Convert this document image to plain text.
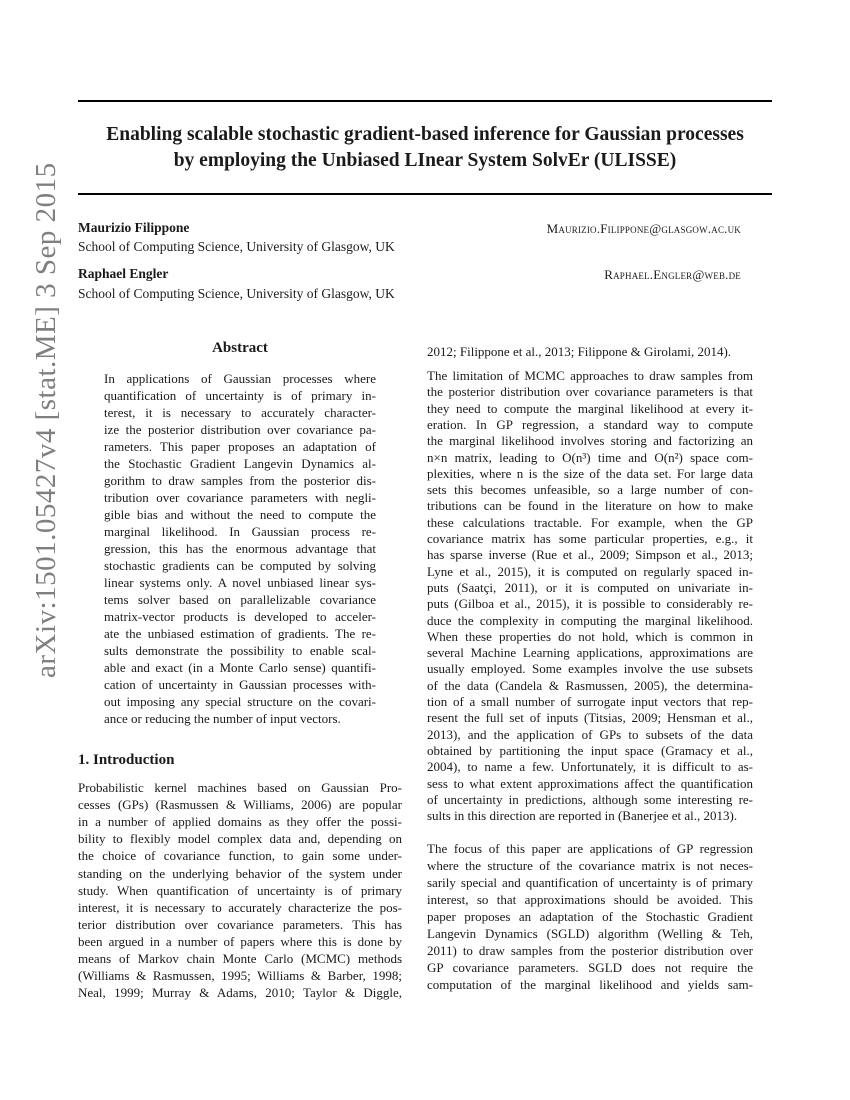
arXiv:1501.05427v4 [stat.ME] 3 Sep 2015
Enabling scalable stochastic gradient-based inference for Gaussian processes
by employing the Unbiased LInear System SolvEr (ULISSE)
Maurizio Filippone	Maurizio.Filippone@glasgow.ac.uk
School of Computing Science, University of Glasgow, UK
Raphael Engler	Raphael.Engler@web.de
School of Computing Science, University of Glasgow, UK
Abstract
In applications of Gaussian processes where
quantification of uncertainty is of primary in-
terest, it is necessary to accurately character-
ize the posterior distribution over covariance pa-
rameters. This paper proposes an adaptation of
the Stochastic Gradient Langevin Dynamics al-
gorithm to draw samples from the posterior dis-
tribution over covariance parameters with negli-
gible bias and without the need to compute the
marginal likelihood. In Gaussian process re-
gression, this has the enormous advantage that
stochastic gradients can be computed by solving
linear systems only. A novel unbiased linear sys-
tems solver based on parallelizable covariance
matrix-vector products is developed to acceler-
ate the unbiased estimation of gradients. The re-
sults demonstrate the possibility to enable scal-
able and exact (in a Monte Carlo sense) quantifi-
cation of uncertainty in Gaussian processes with-
out imposing any special structure on the covari-
ance or reducing the number of input vectors.
1. Introduction
Probabilistic kernel machines based on Gaussian Pro-
cesses (GPs) (Rasmussen & Williams, 2006) are popular
in a number of applied domains as they offer the possi-
bility to flexibly model complex data and, depending on
the choice of covariance function, to gain some under-
standing on the underlying behavior of the system under
study. When quantification of uncertainty is of primary
interest, it is necessary to accurately characterize the pos-
terior distribution over covariance parameters. This has
been argued in a number of papers where this is done by
means of Markov chain Monte Carlo (MCMC) methods
(Williams & Rasmussen, 1995; Williams & Barber, 1998;
Neal, 1999; Murray & Adams, 2010; Taylor & Diggle,
2012; Filippone et al., 2013; Filippone & Girolami, 2014).
The limitation of MCMC approaches to draw samples from
the posterior distribution over covariance parameters is that
they need to compute the marginal likelihood at every it-
eration. In GP regression, a standard way to compute
the marginal likelihood involves storing and factorizing an
n×n matrix, leading to O(n³) time and O(n²) space com-
plexities, where n is the size of the data set. For large data
sets this becomes unfeasible, so a large number of con-
tributions can be found in the literature on how to make
these calculations tractable. For example, when the GP
covariance matrix has some particular properties, e.g., it
has sparse inverse (Rue et al., 2009; Simpson et al., 2013;
Lyne et al., 2015), it is computed on regularly spaced in-
puts (Saatçi, 2011), or it is computed on univariate in-
puts (Gilboa et al., 2015), it is possible to considerably re-
duce the complexity in computing the marginal likelihood.
When these properties do not hold, which is common in
several Machine Learning applications, approximations are
usually employed. Some examples involve the use subsets
of the data (Candela & Rasmussen, 2005), the determina-
tion of a small number of surrogate input vectors that rep-
resent the full set of inputs (Titsias, 2009; Hensman et al.,
2013), and the application of GPs to subsets of the data
obtained by partitioning the input space (Gramacy et al.,
2004), to name a few. Unfortunately, it is difficult to as-
sess to what extent approximations affect the quantification
of uncertainty in predictions, although some interesting re-
sults in this direction are reported in (Banerjee et al., 2013).
The focus of this paper are applications of GP regression
where the structure of the covariance matrix is not neces-
sarily special and quantification of uncertainty is of primary
interest, so that approximations should be avoided. This
paper proposes an adaptation of the Stochastic Gradient
Langevin Dynamics (SGLD) algorithm (Welling & Teh,
2011) to draw samples from the posterior distribution over
GP covariance parameters. SGLD does not require the
computation of the marginal likelihood and yields sam-
